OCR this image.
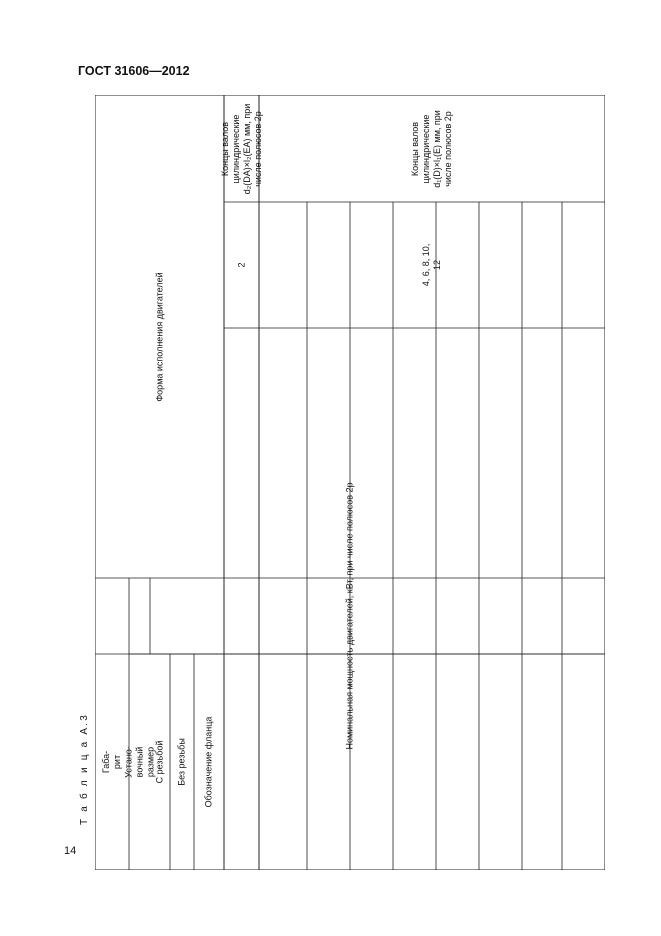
ГОСТ 31606—2012
14
Т а б л и ц а А.3
Форма исполнения двигателей
Концы валов
цилиндрические
d₂(DA)×l₂(EA) мм, при
числе полюсов 2p
Концы валов
цилиндрические
d₁(D)×l₁(E) мм, при
числе полюсов 2p
Номинальная мощность двигателей, кВт, при числе полюсов 2p
Габа-
рит Устано-
вочный
размер С резьбой Без резьбы Обозначение фланца
2
4, 6, 8, 10,
12
